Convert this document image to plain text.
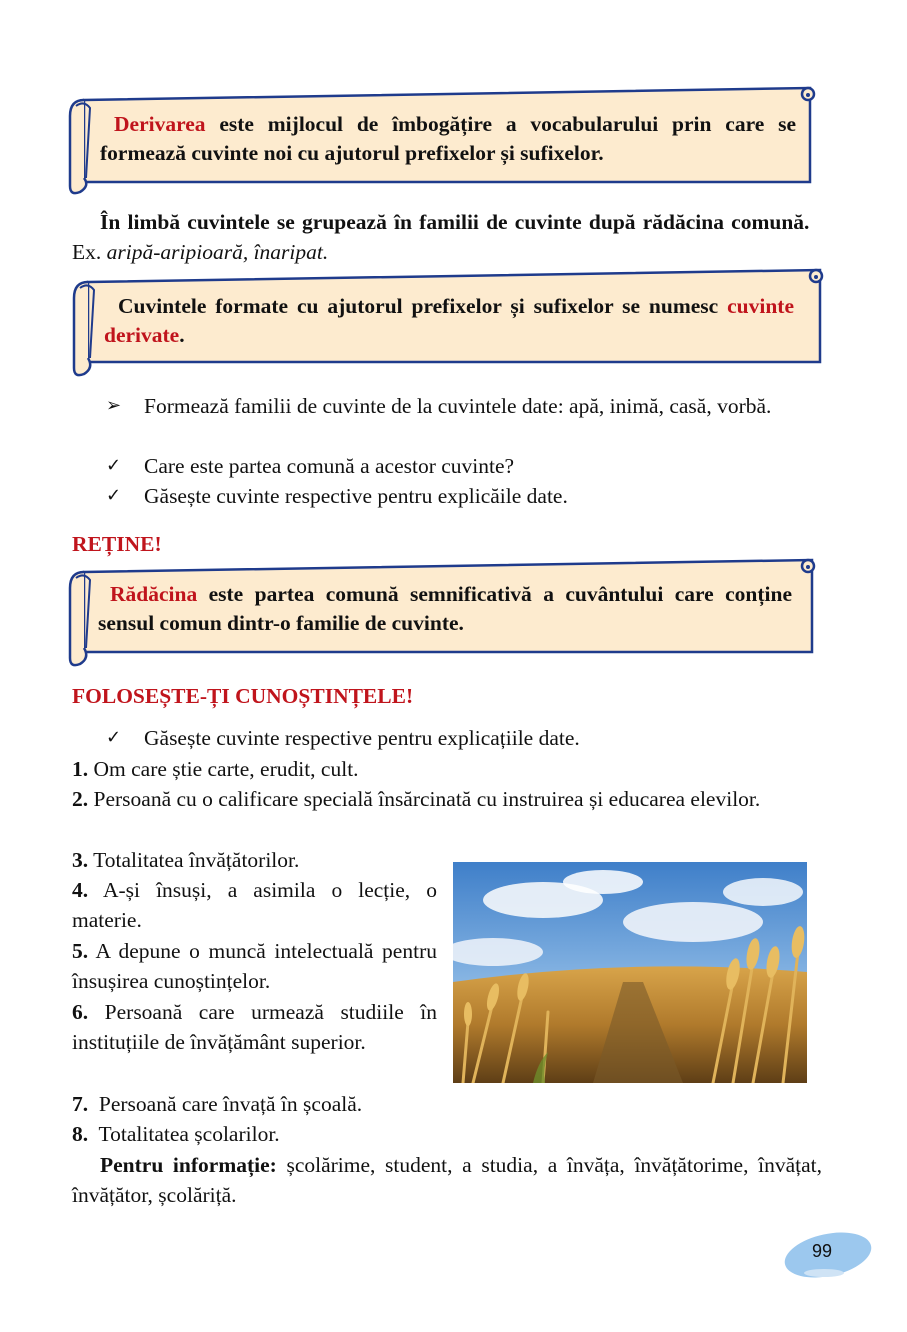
Derivarea este mijlocul de îmbogățire a vocabularului prin care se formează cuvinte noi cu ajutorul prefixelor și sufixelor.
În limbă cuvintele se grupează în familii de cuvinte după rădăcina comună.   Ex. aripă-aripioară, înaripat.
Cuvintele formate cu ajutorul prefixelor și sufixelor se numesc cuvinte derivate.
➢	Formează familii de cuvinte de la cuvintele date: apă, inimă, casă, vorbă.
✓	Care este partea comună a acestor cuvinte?
✓	Găsește cuvinte respective pentru explicăile date.
REȚINE!
Rădăcina este partea comună semnificativă a cuvântului care conține sensul comun dintr-o familie de cuvinte.
FOLOSEȘTE-ȚI CUNOȘTINȚELE!
✓	Găsește cuvinte respective pentru explicațiile date.
1. Om care știe carte, erudit, cult.
2. Persoană cu o calificare specială însărcinată cu instruirea și educarea elevilor.
3. Totalitatea învățătorilor.
4. A-și însuși, a asimila o lecție, o materie.
5. A depune o muncă intelectuală pentru însușirea cunoștințelor.
6. Persoană care urmează studiile în instituțiile de învățământ superior.
7. Persoană care învață în școală.
8. Totalitatea școlarilor.
Pentru informație: școlărime, student, a studia, a învăța, învățătorime, învățat, învățător, școlăriță.
99
